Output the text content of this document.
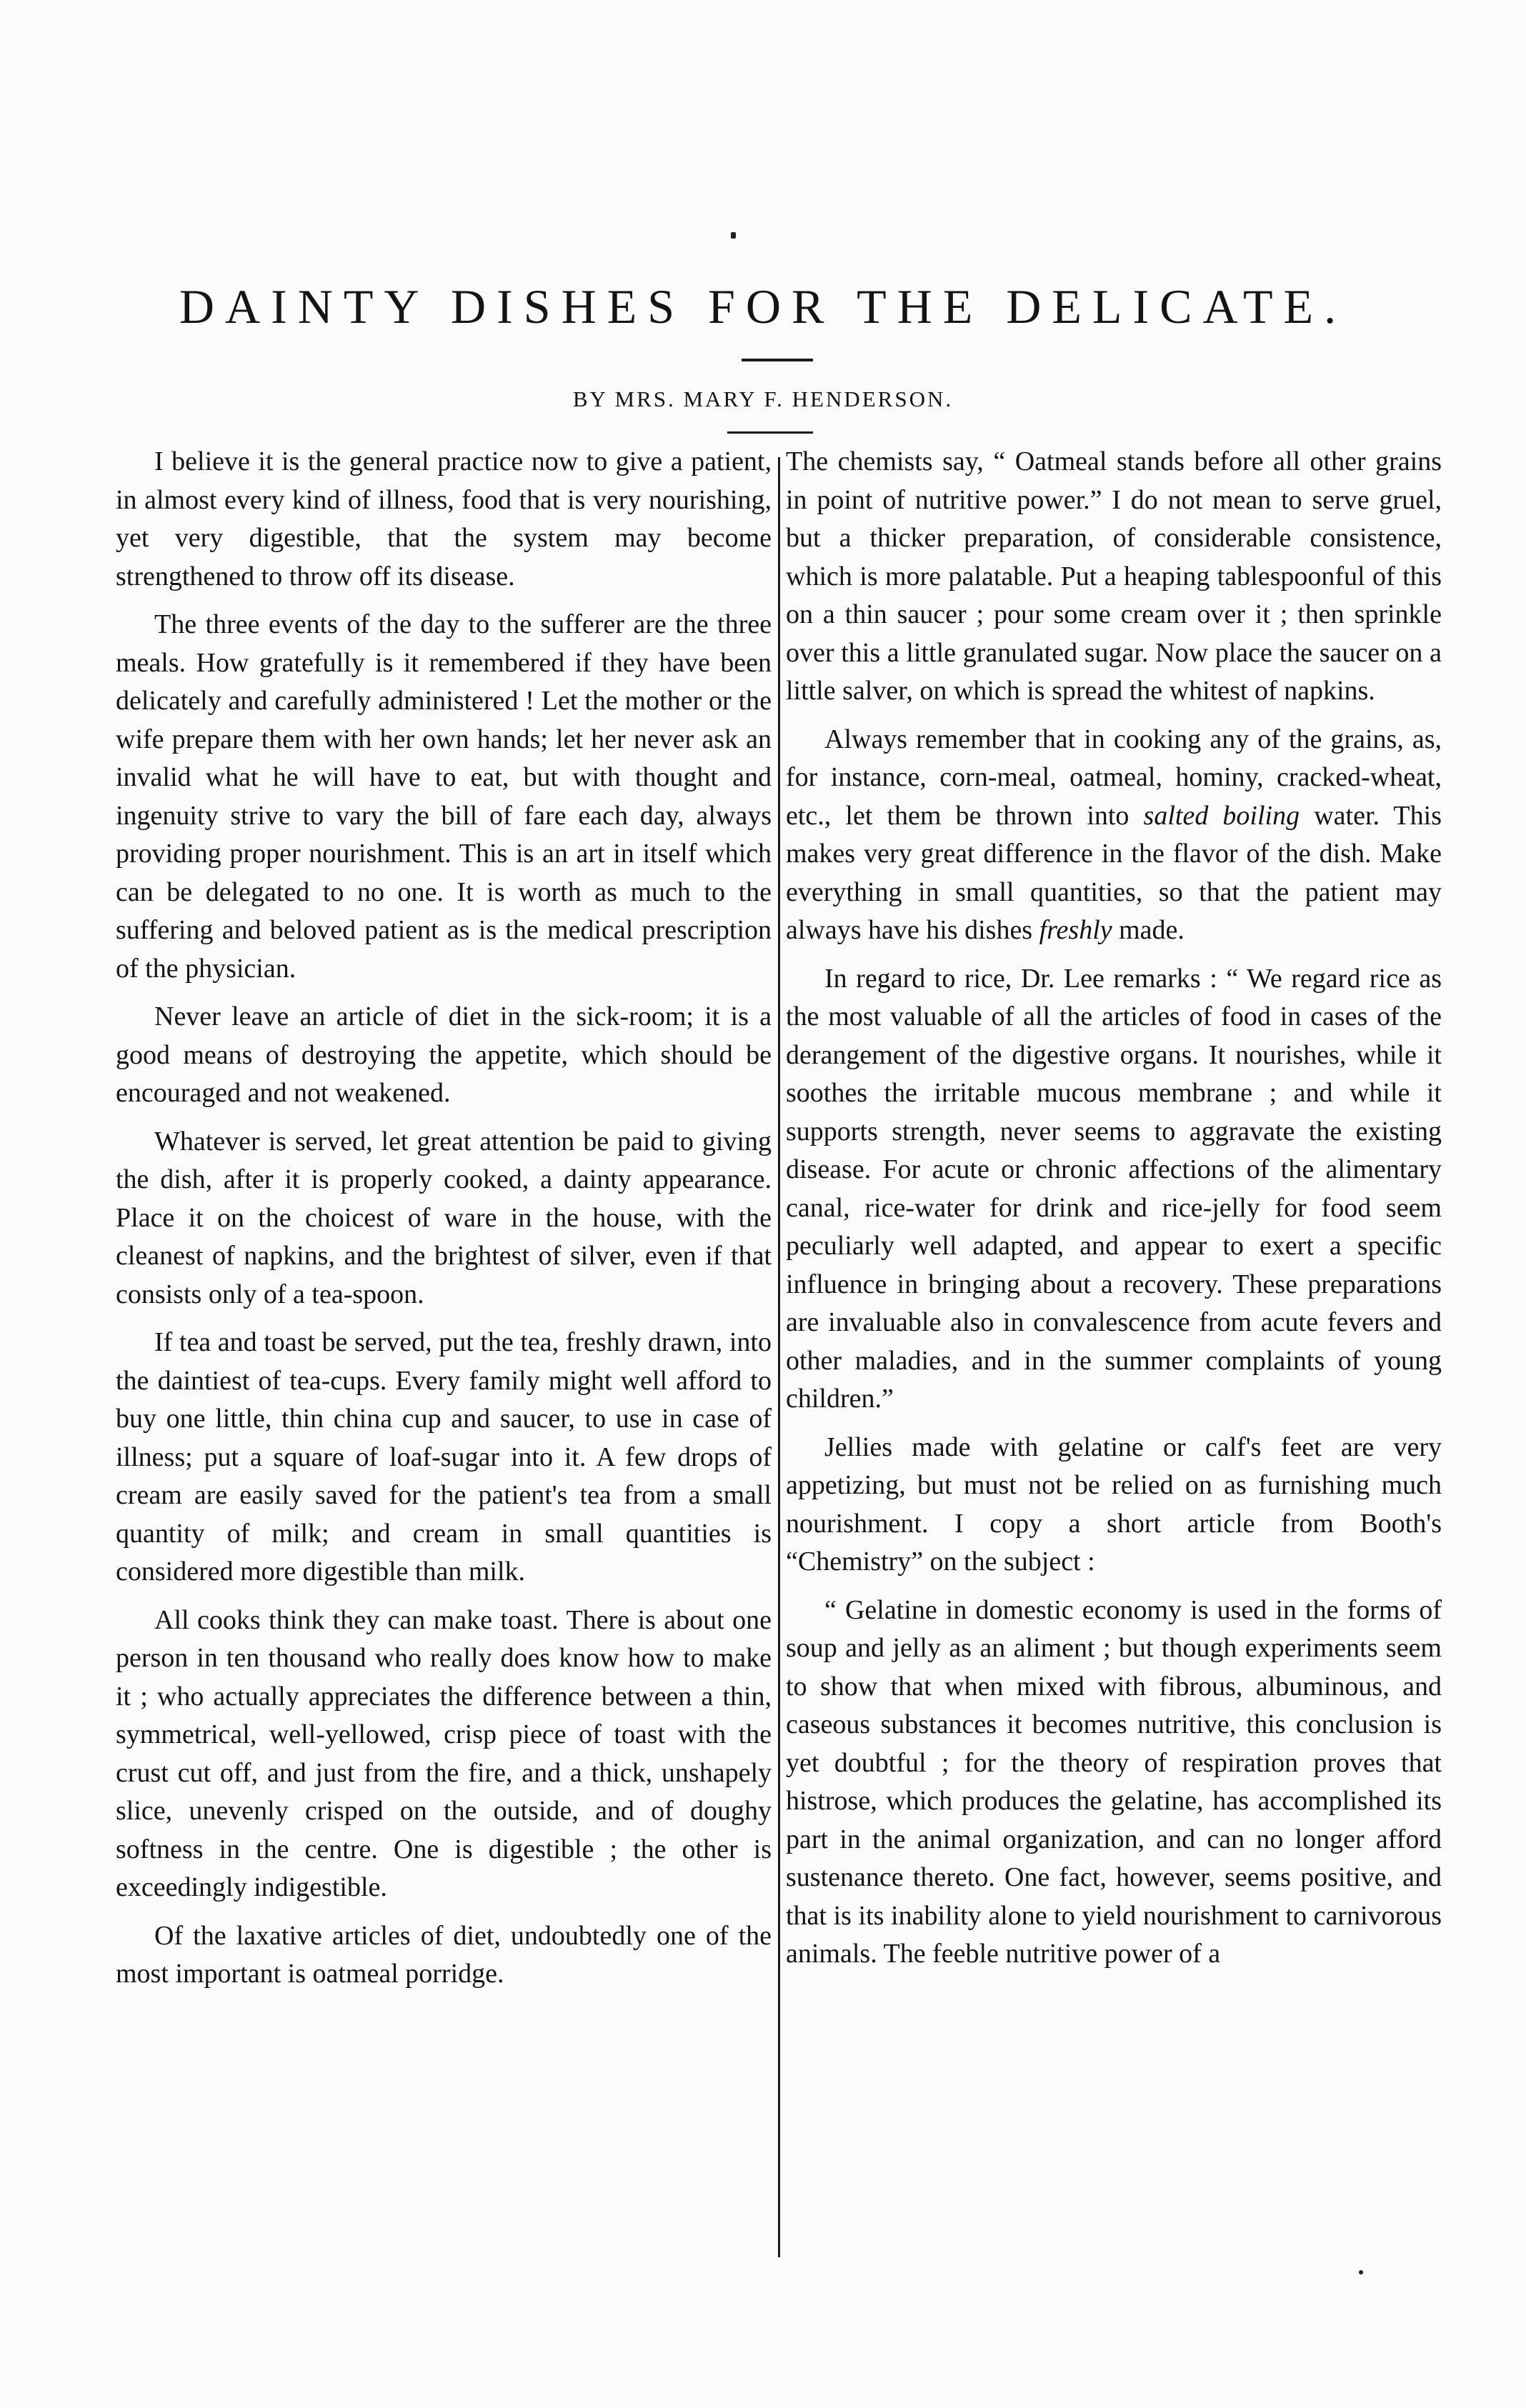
DAINTY DISHES FOR THE DELICATE.
BY MRS. MARY F. HENDERSON.

I believe it is the general practice now to give a patient, in almost every kind of illness, food that is very nourishing, yet very digestible, that the system may become strengthened to throw off its disease.

The three events of the day to the sufferer are the three meals. How gratefully is it remembered if they have been delicately and carefully administered ! Let the mother or the wife prepare them with her own hands; let her never ask an invalid what he will have to eat, but with thought and ingenuity strive to vary the bill of fare each day, always providing proper nourishment. This is an art in itself which can be delegated to no one. It is worth as much to the suffering and beloved patient as is the medical prescription of the physician.

Never leave an article of diet in the sick-room; it is a good means of destroying the appetite, which should be encouraged and not weakened.

Whatever is served, let great attention be paid to giving the dish, after it is properly cooked, a dainty appearance. Place it on the choicest of ware in the house, with the cleanest of napkins, and the brightest of silver, even if that consists only of a tea-spoon.

If tea and toast be served, put the tea, freshly drawn, into the daintiest of tea-cups. Every family might well afford to buy one little, thin china cup and saucer, to use in case of illness; put a square of loaf-sugar into it. A few drops of cream are easily saved for the patient's tea from a small quantity of milk; and cream in small quantities is considered more digestible than milk.

All cooks think they can make toast. There is about one person in ten thousand who really does know how to make it ; who actually appreciates the difference between a thin, symmetrical, well-yellowed, crisp piece of toast with the crust cut off, and just from the fire, and a thick, unshapely slice, unevenly crisped on the outside, and of doughy softness in the centre. One is digestible ; the other is exceedingly indigestible.

Of the laxative articles of diet, undoubtedly one of the most important is oatmeal porridge.

The chemists say, “ Oatmeal stands before all other grains in point of nutritive power.” I do not mean to serve gruel, but a thicker preparation, of considerable consistence, which is more palatable. Put a heaping tablespoonful of this on a thin saucer ; pour some cream over it ; then sprinkle over this a little granulated sugar. Now place the saucer on a little salver, on which is spread the whitest of napkins.

Always remember that in cooking any of the grains, as, for instance, corn-meal, oatmeal, hominy, cracked-wheat, etc., let them be thrown into salted boiling water. This makes very great difference in the flavor of the dish. Make everything in small quantities, so that the patient may always have his dishes freshly made.

In regard to rice, Dr. Lee remarks : “ We regard rice as the most valuable of all the articles of food in cases of the derangement of the digestive organs. It nourishes, while it soothes the irritable mucous membrane ; and while it supports strength, never seems to aggravate the existing disease. For acute or chronic affections of the alimentary canal, rice-water for drink and rice-jelly for food seem peculiarly well adapted, and appear to exert a specific influence in bringing about a recovery. These preparations are invaluable also in convalescence from acute fevers and other maladies, and in the summer complaints of young children.”

Jellies made with gelatine or calf's feet are very appetizing, but must not be relied on as furnishing much nourishment. I copy a short article from Booth's “Chemistry” on the subject :

“ Gelatine in domestic economy is used in the forms of soup and jelly as an aliment ; but though experiments seem to show that when mixed with fibrous, albuminous, and caseous substances it becomes nutritive, this conclusion is yet doubtful ; for the theory of respiration proves that histrose, which produces the gelatine, has accomplished its part in the animal organization, and can no longer afford sustenance thereto. One fact, however, seems positive, and that is its inability alone to yield nourishment to carnivorous animals. The feeble nutritive power of a
